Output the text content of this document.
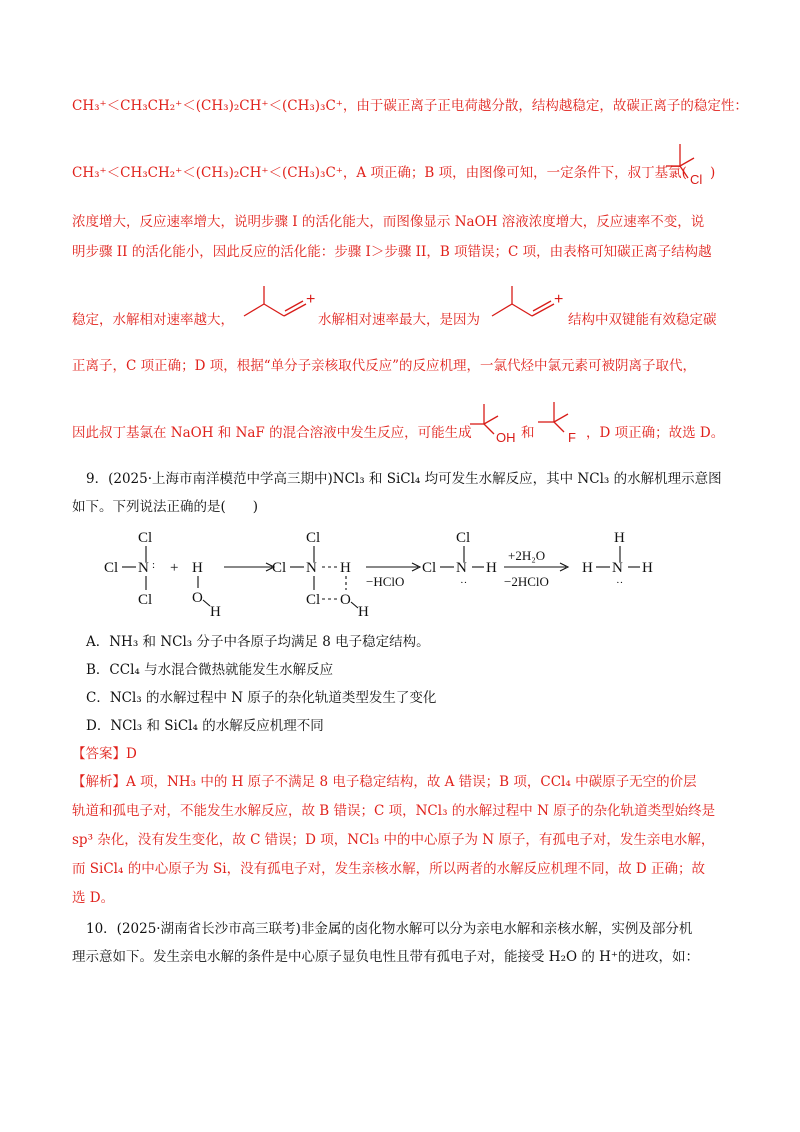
CH₃⁺＜CH₃CH₂⁺＜(CH₃)₂CH⁺＜(CH₃)₃C⁺，由于碳正离子正电荷越分散，结构越稳定，故碳正离子的稳定性：
CH₃⁺＜CH₃CH₂⁺＜(CH₃)₂CH⁺＜(CH₃)₃C⁺，A 项正确；B 项，由图像可知，一定条件下，叔丁基氯( Cl )
浓度增大，反应速率增大，说明步骤 I 的活化能大，而图像显示 NaOH 溶液浓度增大，反应速率不变，说
明步骤 II 的活化能小，因此反应的活化能：步骤 I＞步骤 II，B 项错误；C 项，由表格可知碳正离子结构越
稳定，水解相对速率越大，
+
水解相对速率最大，是因为
+
结构中双键能有效稳定碳
正离子，C 项正确；D 项，根据“单分子亲核取代反应”的反应机理，一氯代烃中氯元素可被阴离子取代，
因此叔丁基氯在 NaOH 和 NaF 的混合溶液中发生反应，可能生成 OH 和	F ，D 项正确；故选 D。
9．(2025·上海市南洋模范中学高三期中)NCl₃ 和 SiCl₄ 均可发生水解反应，其中 NCl₃ 的水解机理示意图
如下。下列说法正确的是(　　)
Cl
Cl N :
Cl
+ H
O
H
Cl
Cl N H
Cl O
H
−HClO
Cl
Cl N H
··
+2H₂O
−2HClO
H
H N H
··
A．NH₃ 和 NCl₃ 分子中各原子均满足 8 电子稳定结构。
B．CCl₄ 与水混合微热就能发生水解反应
C．NCl₃ 的水解过程中 N 原子的杂化轨道类型发生了变化
D．NCl₃ 和 SiCl₄ 的水解反应机理不同
【答案】D
【解析】A 项，NH₃ 中的 H 原子不满足 8 电子稳定结构，故 A 错误；B 项，CCl₄ 中碳原子无空的价层
轨道和孤电子对，不能发生水解反应，故 B 错误；C 项，NCl₃ 的水解过程中 N 原子的杂化轨道类型始终是
sp³ 杂化，没有发生变化，故 C 错误；D 项，NCl₃ 中的中心原子为 N 原子，有孤电子对，发生亲电水解，
而 SiCl₄ 的中心原子为 Si，没有孤电子对，发生亲核水解，所以两者的水解反应机理不同，故 D 正确；故
选 D。
10．(2025·湖南省长沙市高三联考)非金属的卤化物水解可以分为亲电水解和亲核水解，实例及部分机
理示意如下。发生亲电水解的条件是中心原子显负电性且带有孤电子对，能接受 H₂O 的 H⁺的进攻，如：
